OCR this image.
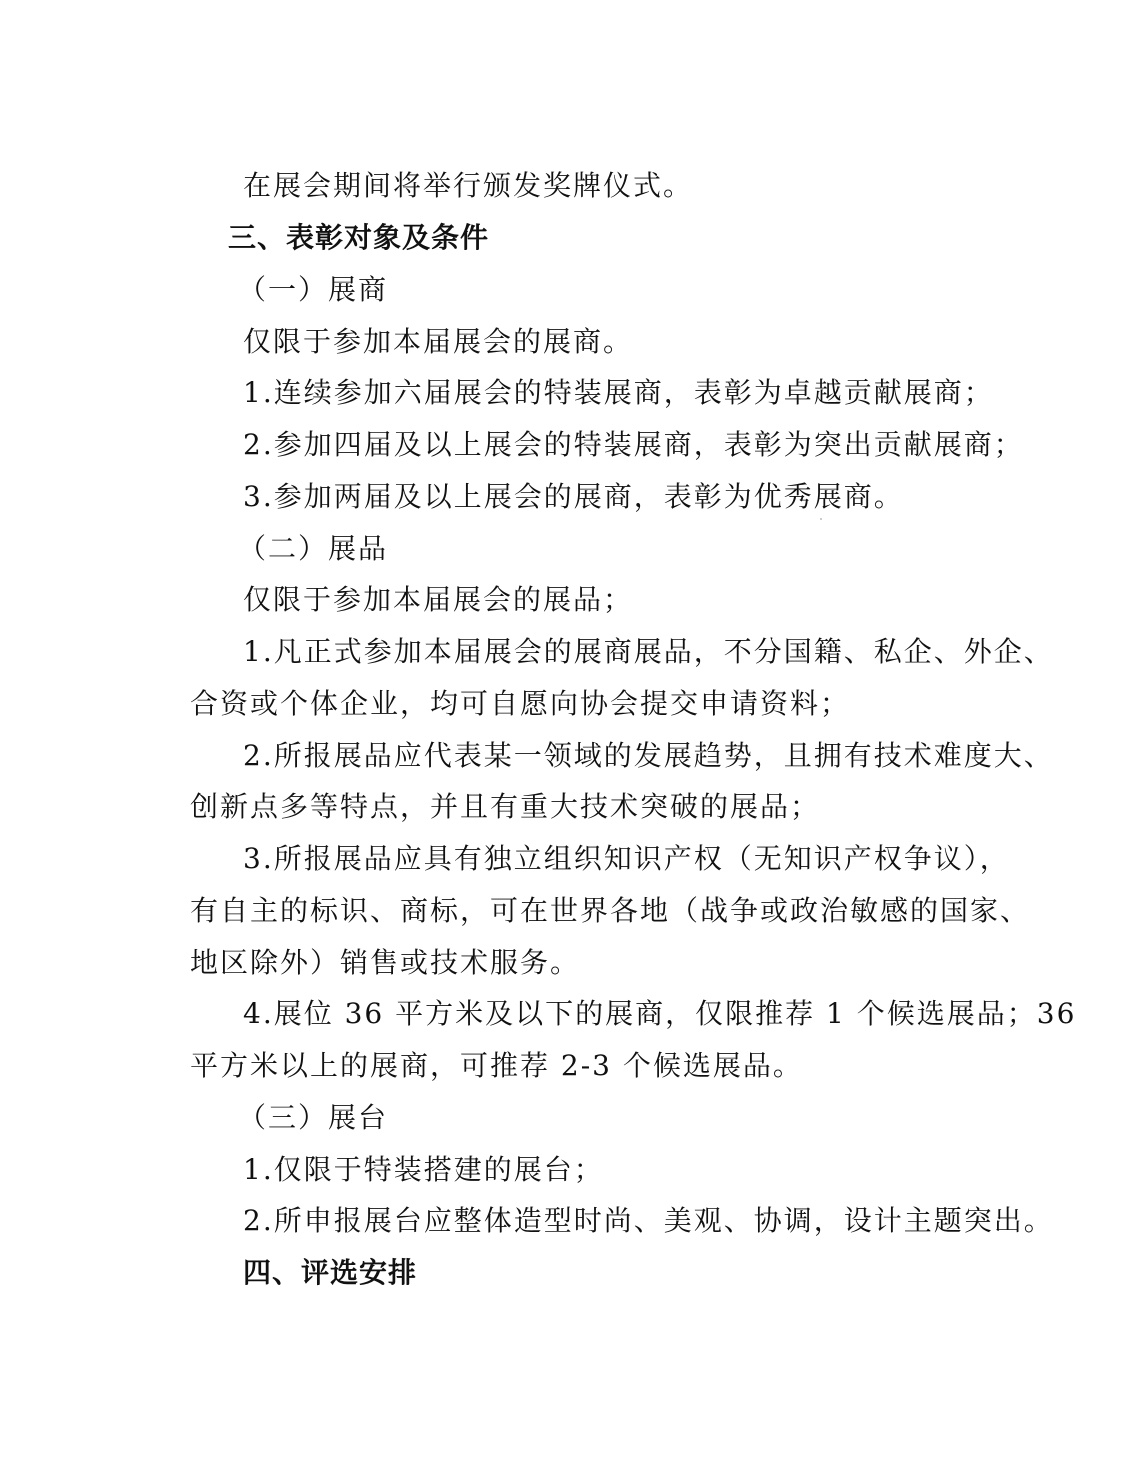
在展会期间将举行颁发奖牌仪式。
三、表彰对象及条件
（一）展商
仅限于参加本届展会的展商。
1.连续参加六届展会的特装展商，表彰为卓越贡献展商；
2.参加四届及以上展会的特装展商，表彰为突出贡献展商；
3.参加两届及以上展会的展商，表彰为优秀展商。
（二）展品
仅限于参加本届展会的展品；
1.凡正式参加本届展会的展商展品，不分国籍、私企、外企、
合资或个体企业，均可自愿向协会提交申请资料；
2.所报展品应代表某一领域的发展趋势，且拥有技术难度大、
创新点多等特点，并且有重大技术突破的展品；
3.所报展品应具有独立组织知识产权（无知识产权争议），
有自主的标识、商标，可在世界各地（战争或政治敏感的国家、
地区除外）销售或技术服务。
4.展位 36 平方米及以下的展商，仅限推荐 1 个候选展品；36
平方米以上的展商，可推荐 2-3 个候选展品。
（三）展台
1.仅限于特装搭建的展台；
2.所申报展台应整体造型时尚、美观、协调，设计主题突出。
四、评选安排
